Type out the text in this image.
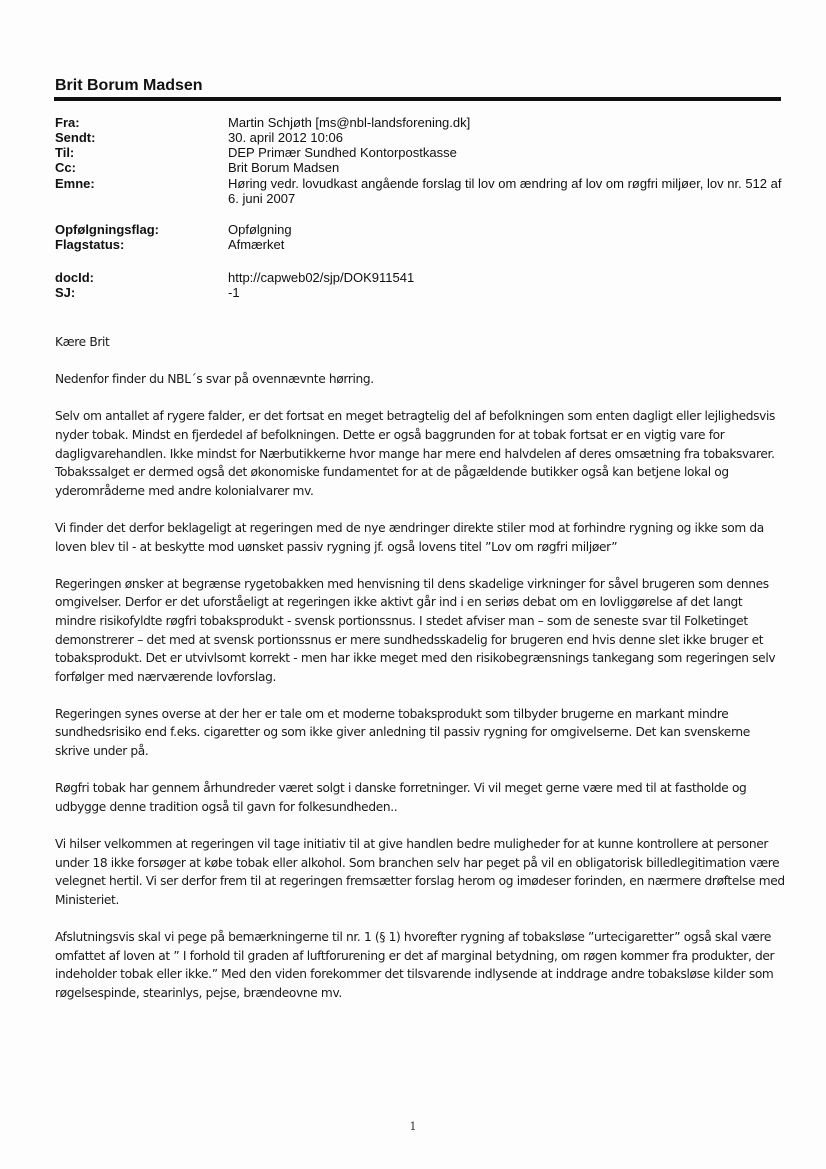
Brit Borum Madsen
Fra:	Martin Schjøth [ms@nbl-landsforening.dk]
Sendt:	30. april 2012 10:06
Til:	DEP Primær Sundhed Kontorpostkasse
Cc:	Brit Borum Madsen
Emne:	Høring vedr. lovudkast angående forslag til lov om ændring af lov om røgfri miljøer, lov nr. 512 af 6. juni 2007
Opfølgningsflag:	Opfølgning
Flagstatus:	Afmærket
docId:	http://capweb02/sjp/DOK911541
SJ:	-1

Kære Brit

Nedenfor finder du NBL´s svar på ovennævnte hørring.

Selv om antallet af rygere falder, er det fortsat en meget betragtelig del af befolkningen som enten dagligt eller lejlighedsvis nyder tobak. Mindst en fjerdedel af befolkningen. Dette er også baggrunden for at tobak fortsat er en vigtig vare for dagligvarehandlen. Ikke mindst for Nærbutikkerne hvor mange har mere end halvdelen af deres omsætning fra tobaksvarer. Tobakssalget er dermed også det økonomiske fundamentet for at de pågældende butikker også kan betjene lokal og yderområderne med andre kolonialvarer mv.

Vi finder det derfor beklageligt at regeringen med de nye ændringer direkte stiler mod at forhindre rygning og ikke som da loven blev til - at beskytte mod uønsket passiv rygning jf. også lovens titel ”Lov om røgfri miljøer”

Regeringen ønsker at begrænse rygetobakken med henvisning til dens skadelige virkninger for såvel brugeren som dennes omgivelser. Derfor er det uforståeligt at regeringen ikke aktivt går ind i en seriøs debat om en lovliggørelse af det langt mindre risikofyldte røgfri tobaksprodukt - svensk portionssnus. I stedet afviser man – som de seneste svar til Folketinget demonstrerer – det med at svensk portionssnus er mere sundhedsskadelig for brugeren end hvis denne slet ikke bruger et tobaksprodukt. Det er utvivlsomt korrekt - men har ikke meget med den risikobegrænsnings tankegang som regeringen selv forfølger med nærværende lovforslag.

Regeringen synes overse at der her er tale om et moderne tobaksprodukt som tilbyder brugerne en markant mindre sundhedsrisiko end f.eks. cigaretter og som ikke giver anledning til passiv rygning for omgivelserne. Det kan svenskerne skrive under på.

Røgfri tobak har gennem århundreder været solgt i danske forretninger. Vi vil meget gerne være med til at fastholde og udbygge denne tradition også til gavn for folkesundheden..

Vi hilser velkommen at regeringen vil tage initiativ til at give handlen bedre muligheder for at kunne kontrollere at personer under 18 ikke forsøger at købe tobak eller alkohol. Som branchen selv har peget på vil en obligatorisk billedlegitimation være velegnet hertil. Vi ser derfor frem til at regeringen fremsætter forslag herom og imødeser forinden, en nærmere drøftelse med Ministeriet.

Afslutningsvis skal vi pege på bemærkningerne til nr. 1 (§ 1) hvorefter rygning af tobaksløse ”urtecigaretter” også skal være omfattet af loven at ” I forhold til graden af luftforurening er det af marginal betydning, om røgen kommer fra produkter, der indeholder tobak eller ikke.” Med den viden forekommer det tilsvarende indlysende at inddrage andre tobaksløse kilder som røgelsespinde, stearinlys, pejse, brændeovne mv.

1
